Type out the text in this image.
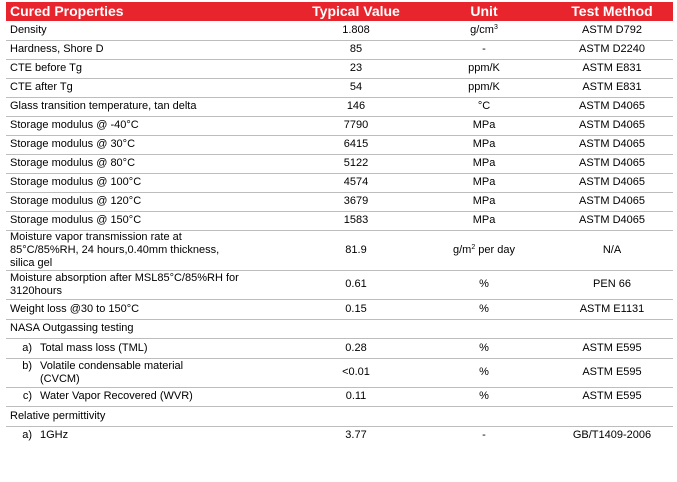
Cured Properties	Typical Value	Unit	Test Method
Density	1.808	$g/cm^3$	ASTM D792
Hardness, Shore D	85	-	ASTM D2240
CTE before Tg	23	ppm/K	ASTM E831
CTE after Tg	54	ppm/K	ASTM E831
Glass transition temperature, tan delta	146	°C	ASTM D4065
Storage modulus @ -40°C	7790	MPa	ASTM D4065
Storage modulus @ 30°C	6415	MPa	ASTM D4065
Storage modulus @ 80°C	5122	MPa	ASTM D4065
Storage modulus @ 100°C	4574	MPa	ASTM D4065
Storage modulus @ 120°C	3679	MPa	ASTM D4065
Storage modulus @ 150°C	1583	MPa	ASTM D4065

Moisture vapor transmission rate at
85°C/85%RH, 24 hours,0.40mm thickness,
silica gel	81.9	$g/m^2$ per day	N/A

Moisture absorption after MSL85°C/85%RH for
3120hours	0.61	%	PEN 66
Weight loss @30 to 150°C	0.15	%	ASTM E1131
NASA Outgassing testing			

a) Total mass loss (TML)	0.28	%	ASTM E595

b) Volatile condensable material
(CVCM)	<0.01	%	ASTM E595

c) Water Vapor Recovered (WVR)	0.11	%	ASTM E595
Relative permittivity			

a) 1GHz	3.77	-	GB/T1409-2006
